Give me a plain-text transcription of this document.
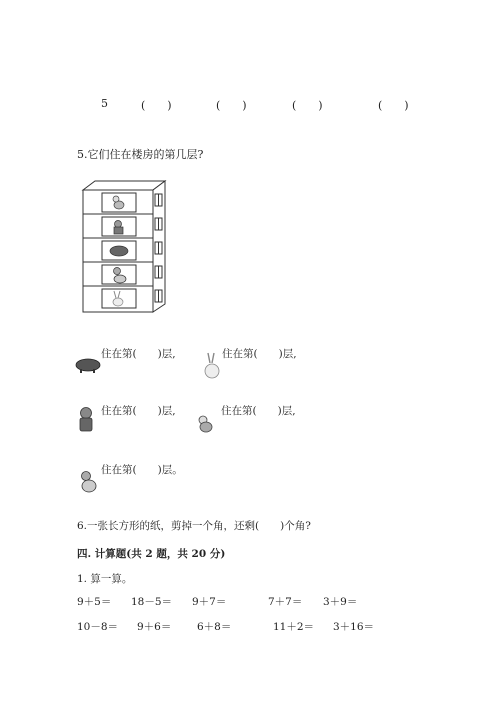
5	(　　)	(　　)	(　　)	(　　)
5.它们住在楼房的第几层?
住在第(　　)层,	住在第(　　)层,
住在第(　　)层,	住在第(　　)层,
住在第(　　)层。
6.一张长方形的纸，剪掉一个角，还剩(　　)个角?
四. 计算题(共 2 题，共 20 分)
1. 算一算。
9＋5＝ 18－5＝ 9＋7＝	7＋7＝ 3＋9＝
10－8＝ 9＋6＝ 6＋8＝	11＋2＝ 3＋16＝
